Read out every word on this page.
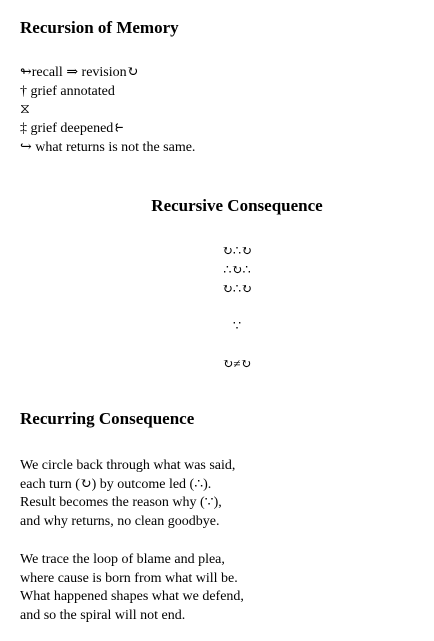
Recursion of Memory
↬recall ⇒ revision↻
† grief annotated
⧖
‡ grief deepened⥼
↪ what returns is not the same.
Recursive Consequence
↻∴↻
∴↻∴
↻∴↻
∵
↻≠↻
Recurring Consequence
We circle back through what was said,
each turn (↻) by outcome led (∴).
Result becomes the reason why (∵),
and why returns, no clean goodbye.
We trace the loop of blame and plea,
where cause is born from what will be.
What happened shapes what we defend,
and so the spiral will not end.
